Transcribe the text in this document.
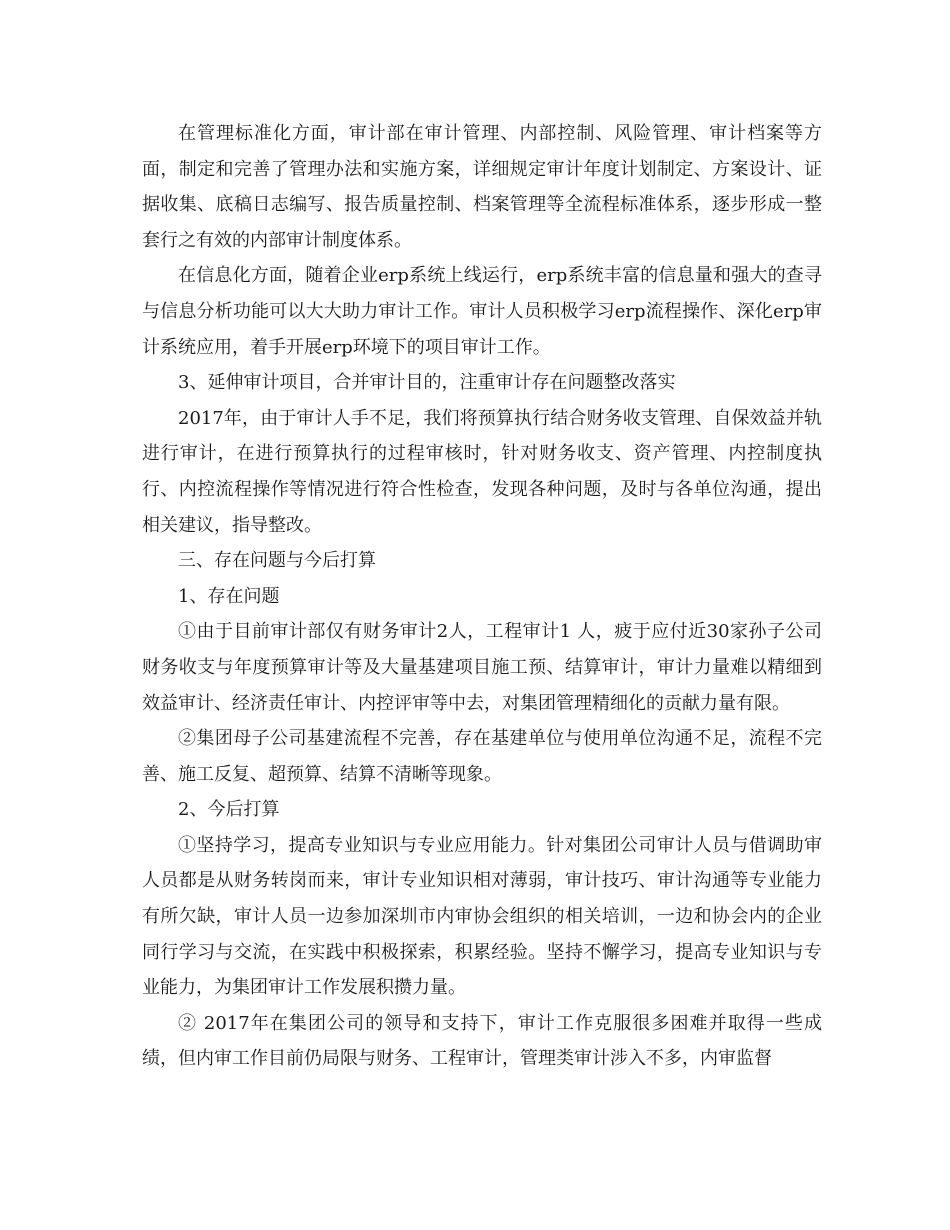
在管理标准化方面，审计部在审计管理、内部控制、风险管理、审计档案等方面，制定和完善了管理办法和实施方案，详细规定审计年度计划制定、方案设计、证据收集、底稿日志编写、报告质量控制、档案管理等全流程标准体系，逐步形成一整套行之有效的内部审计制度体系。

在信息化方面，随着企业erp系统上线运行，erp系统丰富的信息量和强大的查寻与信息分析功能可以大大助力审计工作。审计人员积极学习erp流程操作、深化erp审计系统应用，着手开展erp环境下的项目审计工作。

3、延伸审计项目，合并审计目的，注重审计存在问题整改落实

2017年，由于审计人手不足，我们将预算执行结合财务收支管理、自保效益并轨进行审计，在进行预算执行的过程审核时，针对财务收支、资产管理、内控制度执行、内控流程操作等情况进行符合性检查，发现各种问题，及时与各单位沟通，提出相关建议，指导整改。

三、存在问题与今后打算

1、存在问题

①由于目前审计部仅有财务审计2人，工程审计1 人，疲于应付近30家孙子公司财务收支与年度预算审计等及大量基建项目施工预、结算审计，审计力量难以精细到效益审计、经济责任审计、内控评审等中去，对集团管理精细化的贡献力量有限。

②集团母子公司基建流程不完善，存在基建单位与使用单位沟通不足，流程不完善、施工反复、超预算、结算不清晰等现象。

2、今后打算

①坚持学习，提高专业知识与专业应用能力。针对集团公司审计人员与借调助审人员都是从财务转岗而来，审计专业知识相对薄弱，审计技巧、审计沟通等专业能力有所欠缺，审计人员一边参加深圳市内审协会组织的相关培训，一边和协会内的企业同行学习与交流，在实践中积极探索，积累经验。坚持不懈学习，提高专业知识与专业能力，为集团审计工作发展积攒力量。

② 2017年在集团公司的领导和支持下，审计工作克服很多困难并取得一些成绩，但内审工作目前仍局限与财务、工程审计，管理类审计涉入不多，内审监督
